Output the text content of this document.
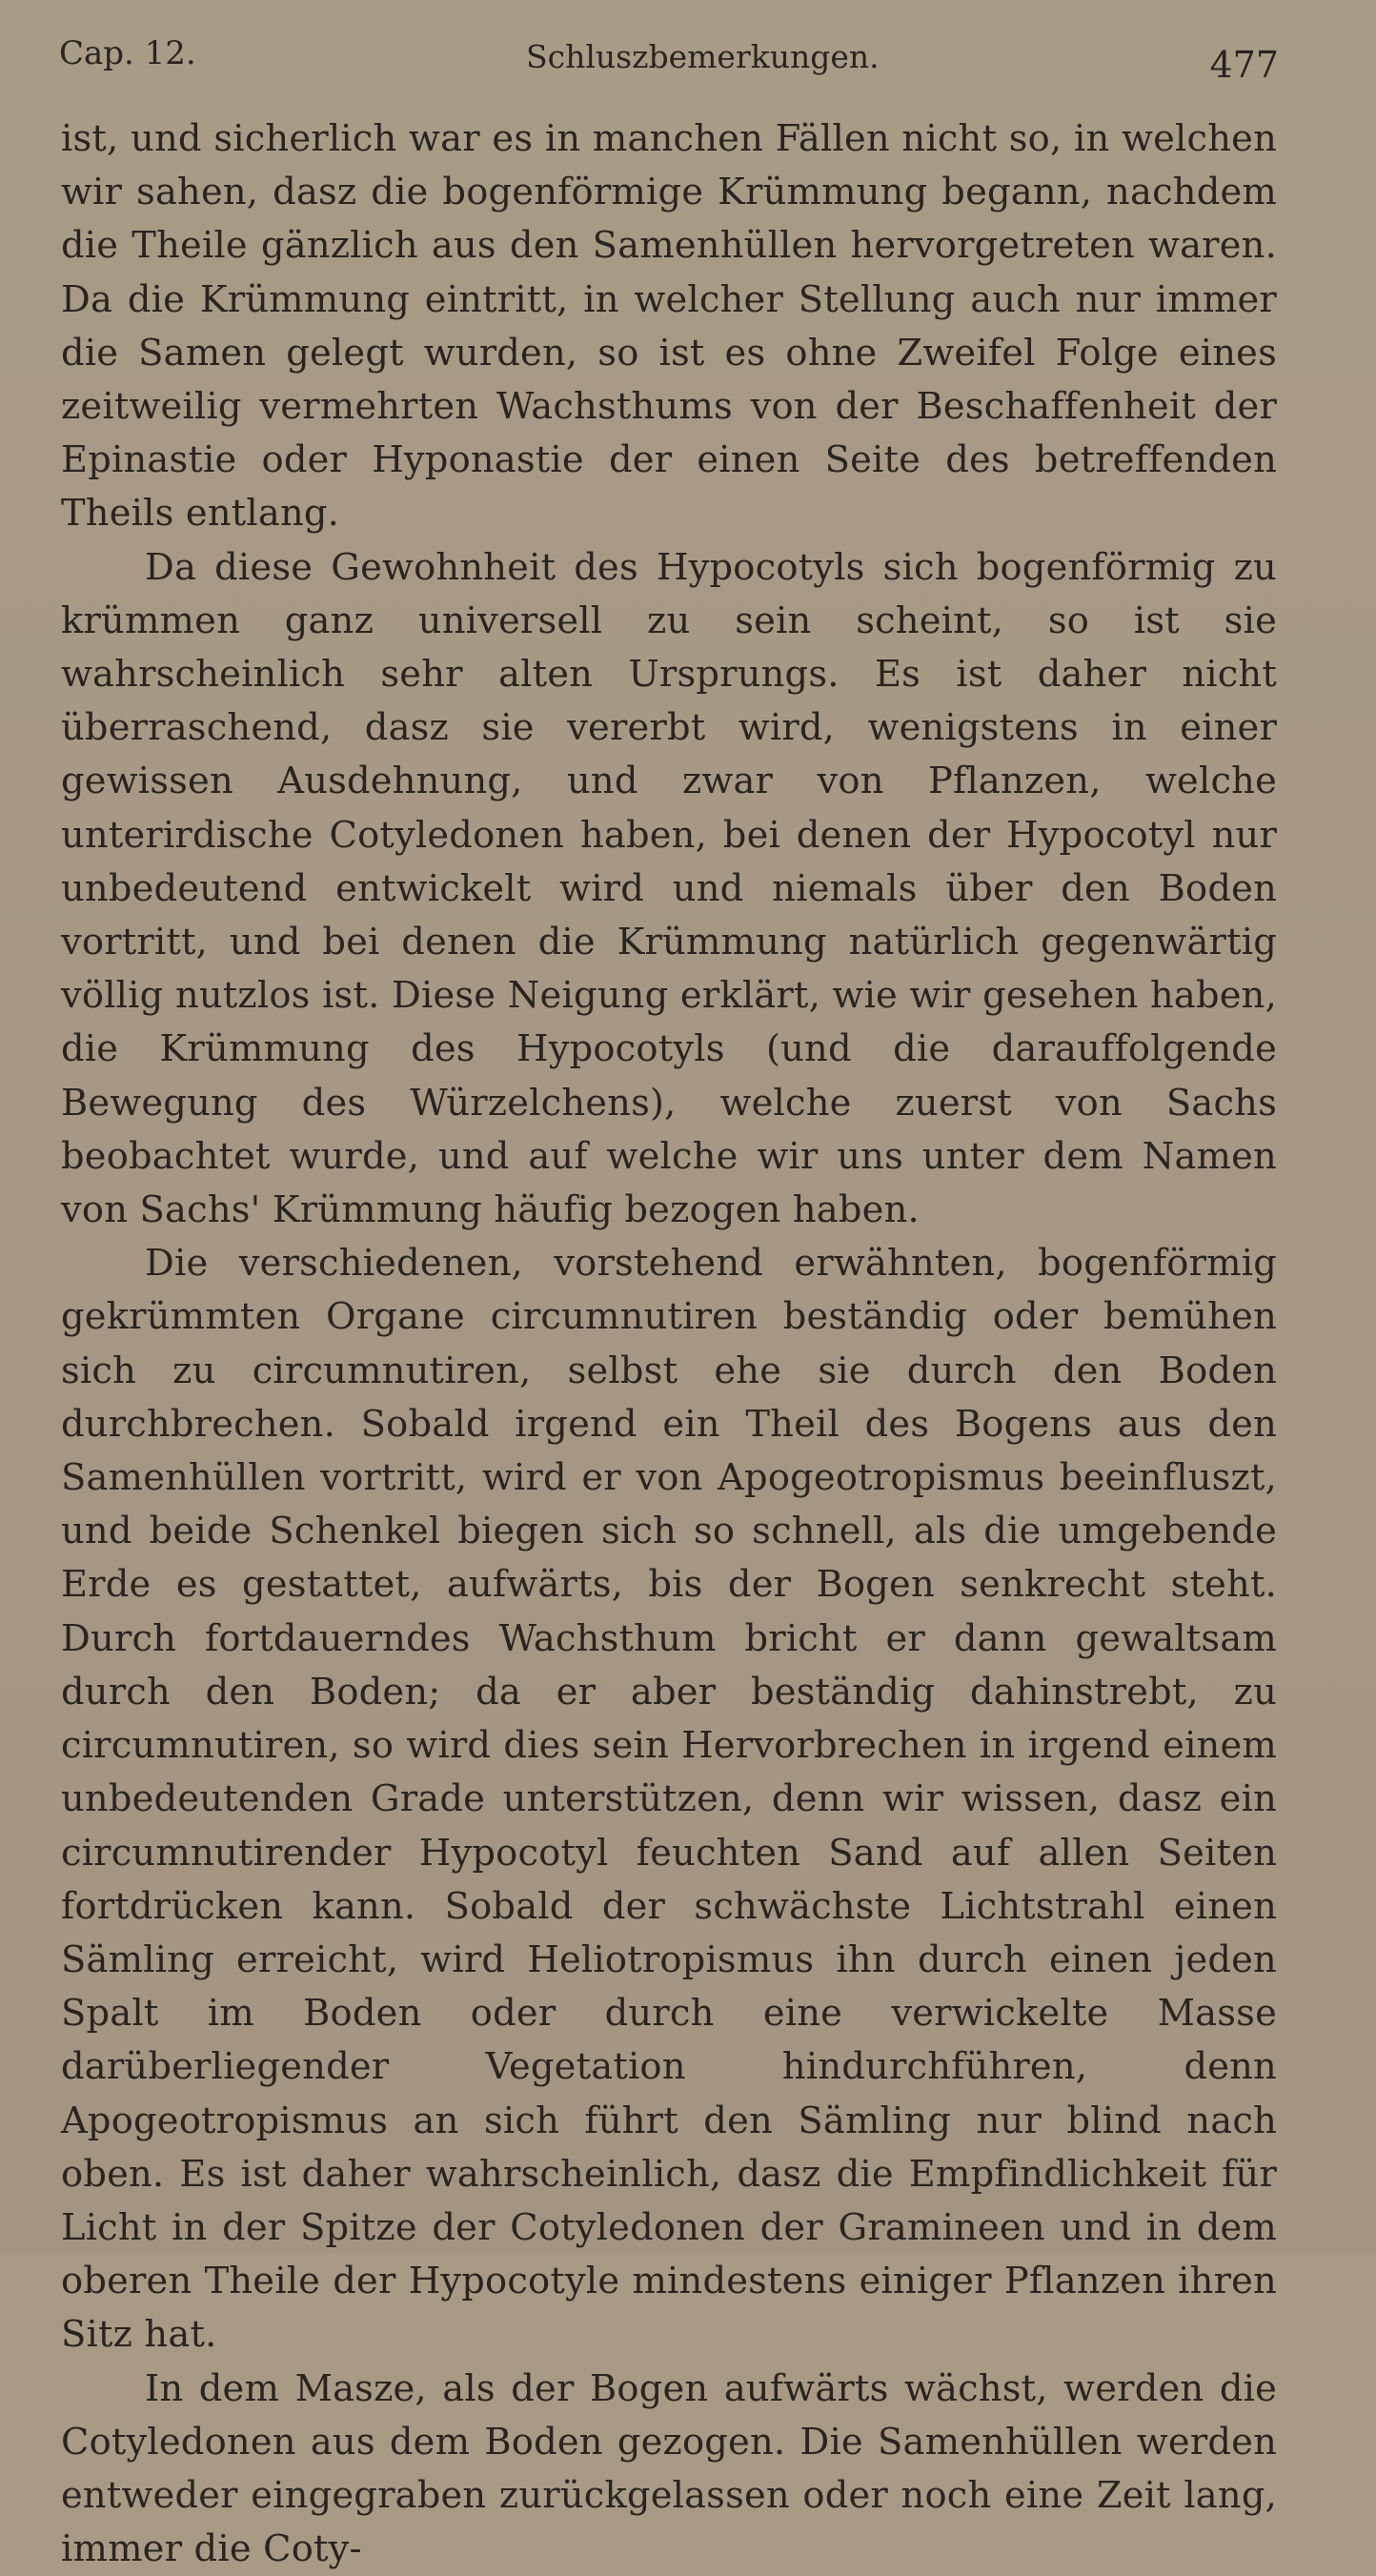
Cap. 12.	Schluszbemerkungen.	477

ist, und sicherlich war es in manchen Fällen nicht so, in welchen wir sahen, dasz die bogenförmige Krümmung begann, nachdem die Theile gänzlich aus den Samenhüllen hervorgetreten waren. Da die Krümmung eintritt, in welcher Stellung auch nur immer die Samen gelegt wurden, so ist es ohne Zweifel Folge eines zeitweilig vermehrten Wachsthums von der Beschaffenheit der Epinastie oder Hyponastie der einen Seite des betreffenden Theils entlang.

Da diese Gewohnheit des Hypocotyls sich bogenförmig zu krümmen ganz universell zu sein scheint, so ist sie wahrscheinlich sehr alten Ursprungs. Es ist daher nicht überraschend, dasz sie vererbt wird, wenigstens in einer gewissen Ausdehnung, und zwar von Pflanzen, welche unterirdische Cotyledonen haben, bei denen der Hypocotyl nur unbedeutend entwickelt wird und niemals über den Boden vortritt, und bei denen die Krümmung natürlich gegenwärtig völlig nutzlos ist. Diese Neigung erklärt, wie wir gesehen haben, die Krümmung des Hypocotyls (und die darauffolgende Bewegung des Würzelchens), welche zuerst von Sachs beobachtet wurde, und auf welche wir uns unter dem Namen von Sachs' Krümmung häufig bezogen haben.

Die verschiedenen, vorstehend erwähnten, bogenförmig gekrümmten Organe circumnutiren beständig oder bemühen sich zu circumnutiren, selbst ehe sie durch den Boden durchbrechen. Sobald irgend ein Theil des Bogens aus den Samenhüllen vortritt, wird er von Apogeotropismus beeinfluszt, und beide Schenkel biegen sich so schnell, als die umgebende Erde es gestattet, aufwärts, bis der Bogen senkrecht steht. Durch fortdauerndes Wachsthum bricht er dann gewaltsam durch den Boden; da er aber beständig dahinstrebt, zu circumnutiren, so wird dies sein Hervorbrechen in irgend einem unbedeutenden Grade unterstützen, denn wir wissen, dasz ein circumnutirender Hypocotyl feuchten Sand auf allen Seiten fortdrücken kann. Sobald der schwächste Lichtstrahl einen Sämling erreicht, wird Heliotropismus ihn durch einen jeden Spalt im Boden oder durch eine verwickelte Masse darüberliegender Vegetation hindurchführen, denn Apogeotropismus an sich führt den Sämling nur blind nach oben. Es ist daher wahrscheinlich, dasz die Empfindlichkeit für Licht in der Spitze der Cotyledonen der Gramineen und in dem oberen Theile der Hypocotyle mindestens einiger Pflanzen ihren Sitz hat.

In dem Masze, als der Bogen aufwärts wächst, werden die Cotyledonen aus dem Boden gezogen. Die Samenhüllen werden entweder eingegraben zurückgelassen oder noch eine Zeit lang, immer die Coty-
